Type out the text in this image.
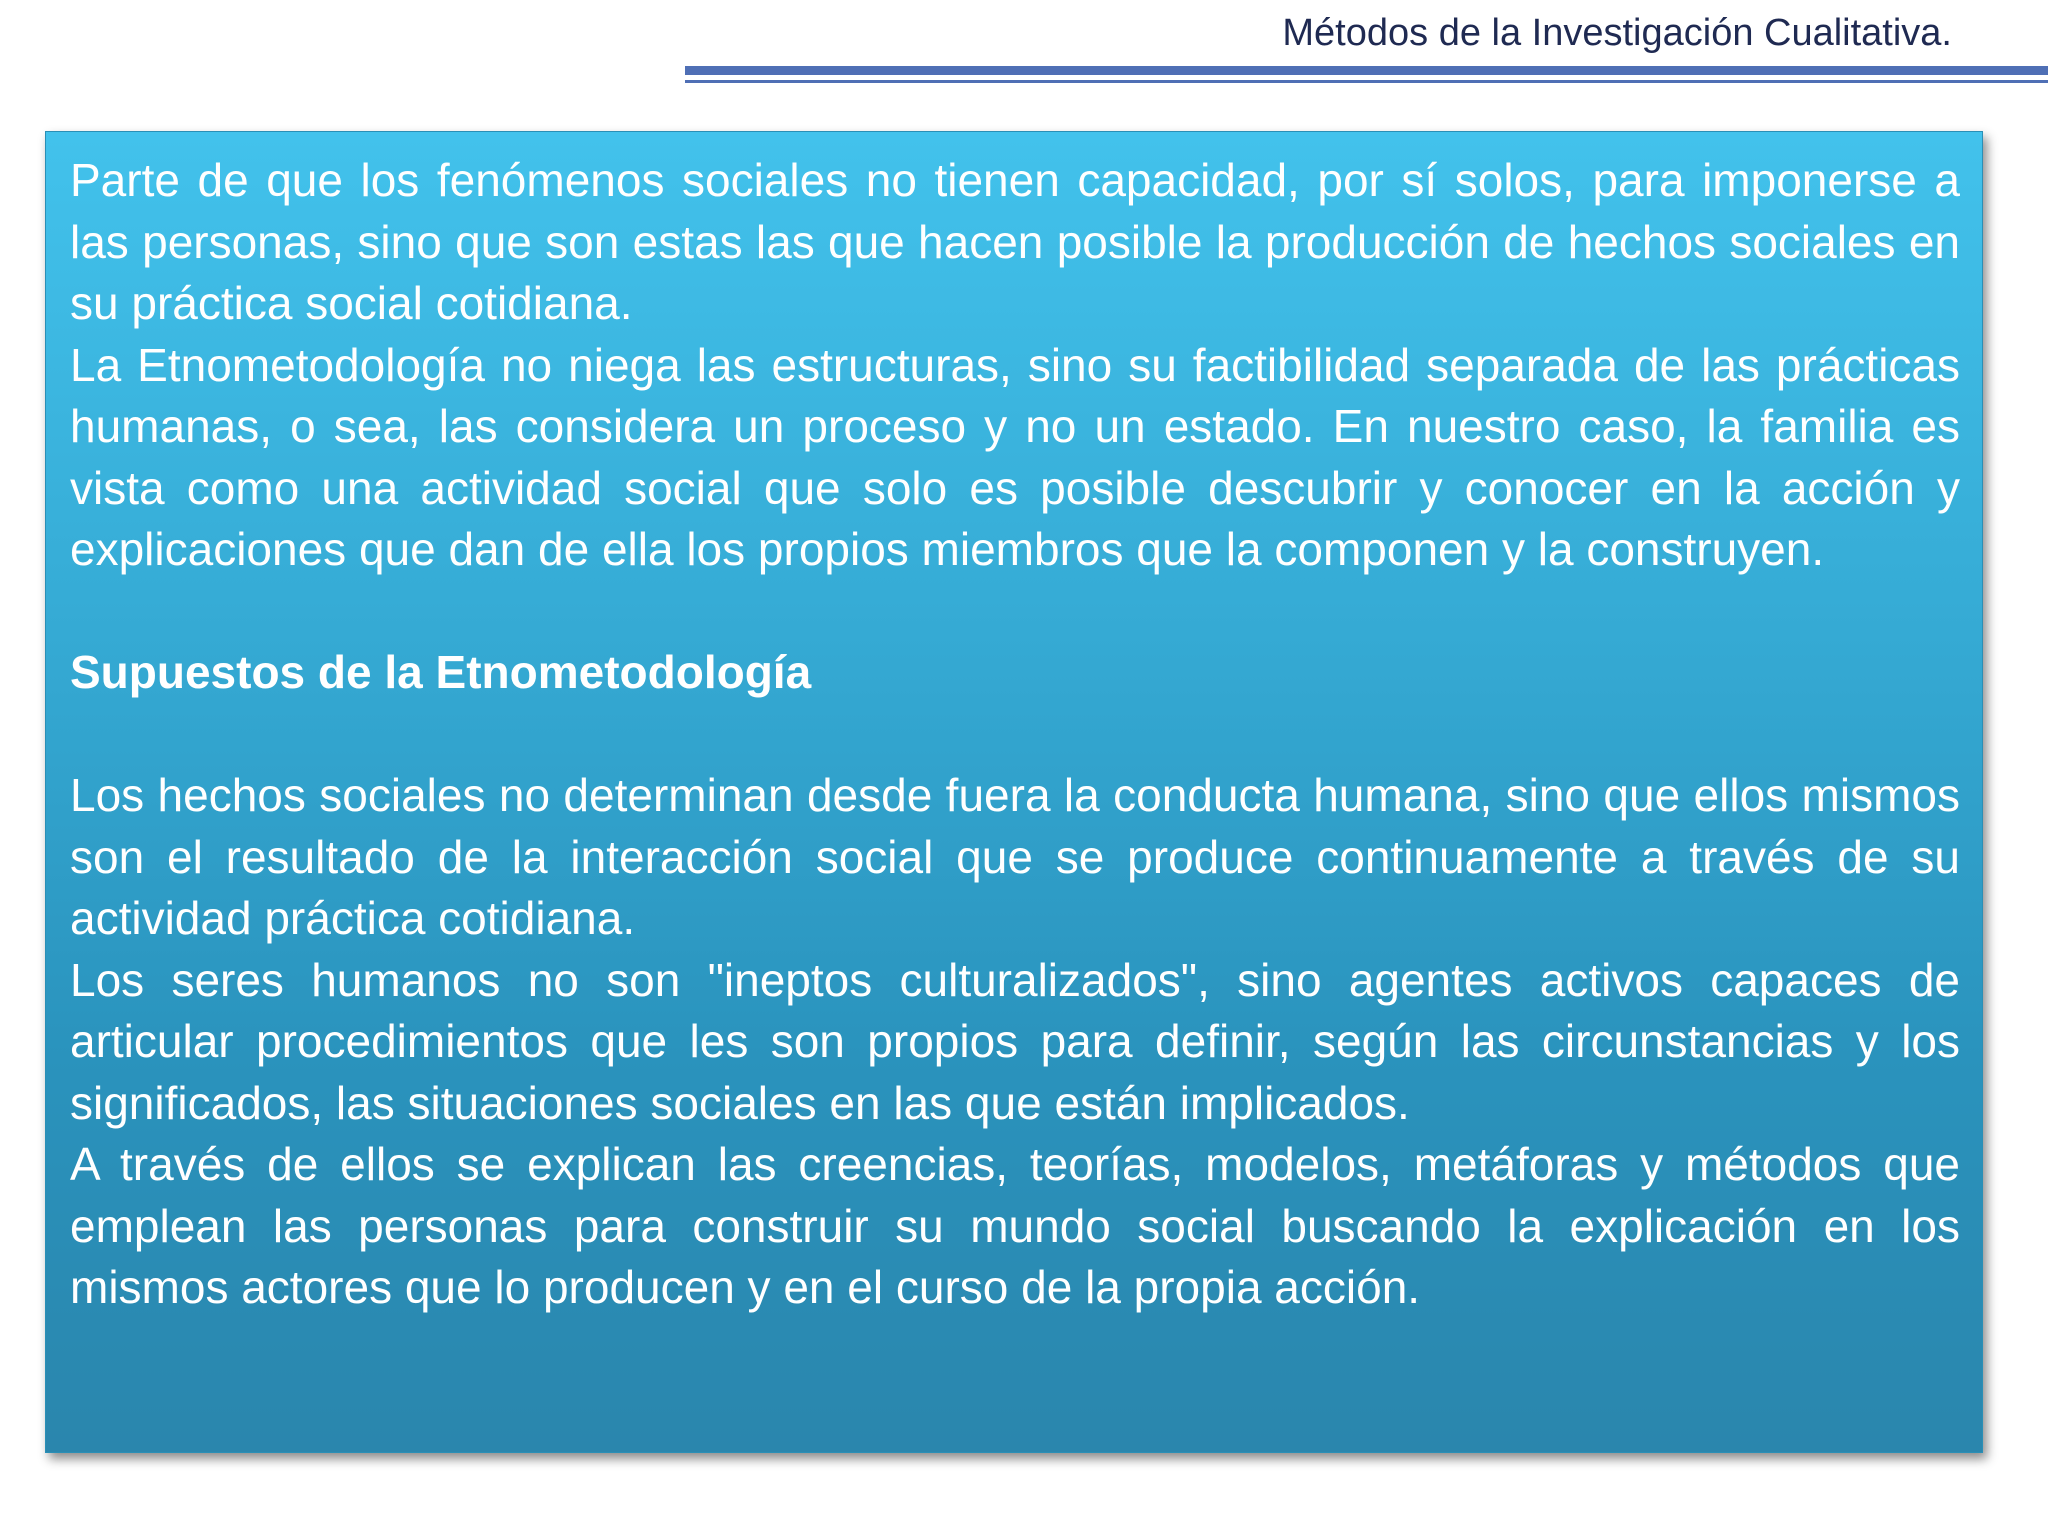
Métodos de la Investigación Cualitativa.

Parte de que los fenómenos sociales no tienen capacidad, por sí solos, para imponerse a las personas, sino que son estas las que hacen posible la producción de hechos sociales en su práctica social cotidiana.

La Etnometodología no niega las estructuras, sino su factibilidad separada de las prácticas humanas, o sea, las considera un proceso y no un estado. En nuestro caso, la familia es vista como una actividad social que solo es posible descubrir y conocer en la acción y explicaciones que dan de ella los propios miembros que la componen y la construyen.

Supuestos de la Etnometodología

Los hechos sociales no determinan desde fuera la conducta humana, sino que ellos mismos son el resultado de la interacción social que se produce continuamente a través de su actividad práctica cotidiana.

Los seres humanos no son "ineptos culturalizados", sino agentes activos capaces de articular procedimientos que les son propios para definir, según las circunstancias y los significados, las situaciones sociales en las que están implicados.

A través de ellos se explican las creencias, teorías, modelos, metáforas y métodos que emplean las personas para construir su mundo social buscando la explicación en los mismos actores que lo producen y en el curso de la propia acción.
